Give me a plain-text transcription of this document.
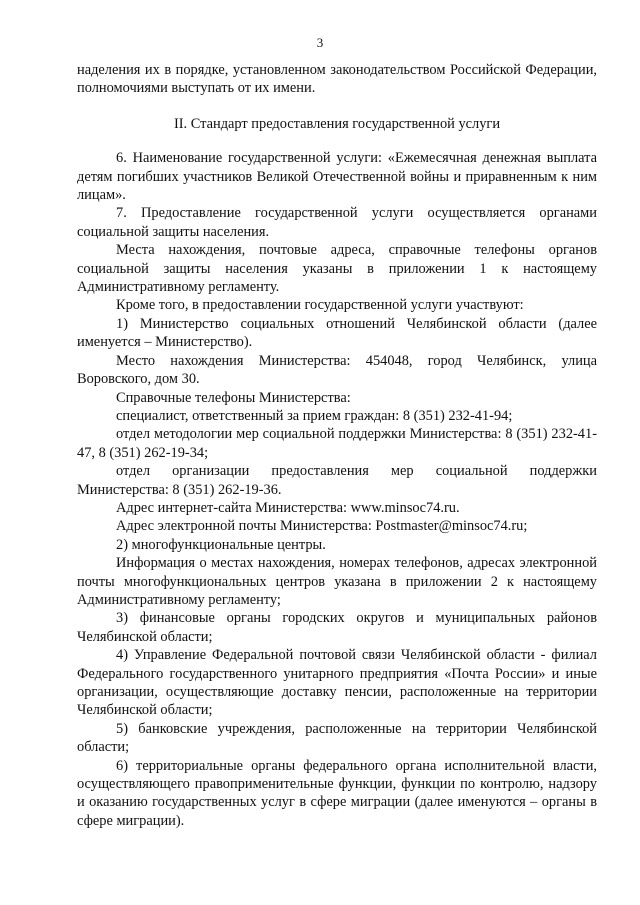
3

наделения их в порядке, установленном законодательством Российской Федерации, полномочиями выступать от их имени.

II. Стандарт предоставления государственной услуги

6. Наименование государственной услуги: «Ежемесячная денежная выплата детям погибших участников Великой Отечественной войны и приравненным к ним лицам».

7. Предоставление государственной услуги осуществляется органами социальной защиты населения.

Места нахождения, почтовые адреса, справочные телефоны органов социальной защиты населения указаны в приложении 1 к настоящему Административному регламенту.

Кроме того, в предоставлении государственной услуги участвуют:

1) Министерство социальных отношений Челябинской области (далее именуется – Министерство).

Место нахождения Министерства: 454048, город Челябинск, улица Воровского, дом 30.

Справочные телефоны Министерства:

специалист, ответственный за прием граждан: 8 (351) 232-41-94;

отдел методологии мер социальной поддержки Министерства: 8 (351) 232-41-47, 8 (351) 262-19-34;

отдел организации предоставления мер социальной поддержки Министерства: 8 (351) 262-19-36.

Адрес интернет-сайта Министерства: www.minsoc74.ru.

Адрес электронной почты Министерства: Postmaster@minsoc74.ru;

2) многофункциональные центры.

Информация о местах нахождения, номерах телефонов, адресах электронной почты многофункциональных центров указана в приложении 2 к настоящему Административному регламенту;

3) финансовые органы городских округов и муниципальных районов Челябинской области;

4) Управление Федеральной почтовой связи Челябинской области - филиал Федерального государственного унитарного предприятия «Почта России» и иные организации, осуществляющие доставку пенсии, расположенные на территории Челябинской области;

5) банковские учреждения, расположенные на территории Челябинской области;

6) территориальные органы федерального органа исполнительной власти, осуществляющего правоприменительные функции, функции по контролю, надзору и оказанию государственных услуг в сфере миграции (далее именуются – органы в сфере миграции).
